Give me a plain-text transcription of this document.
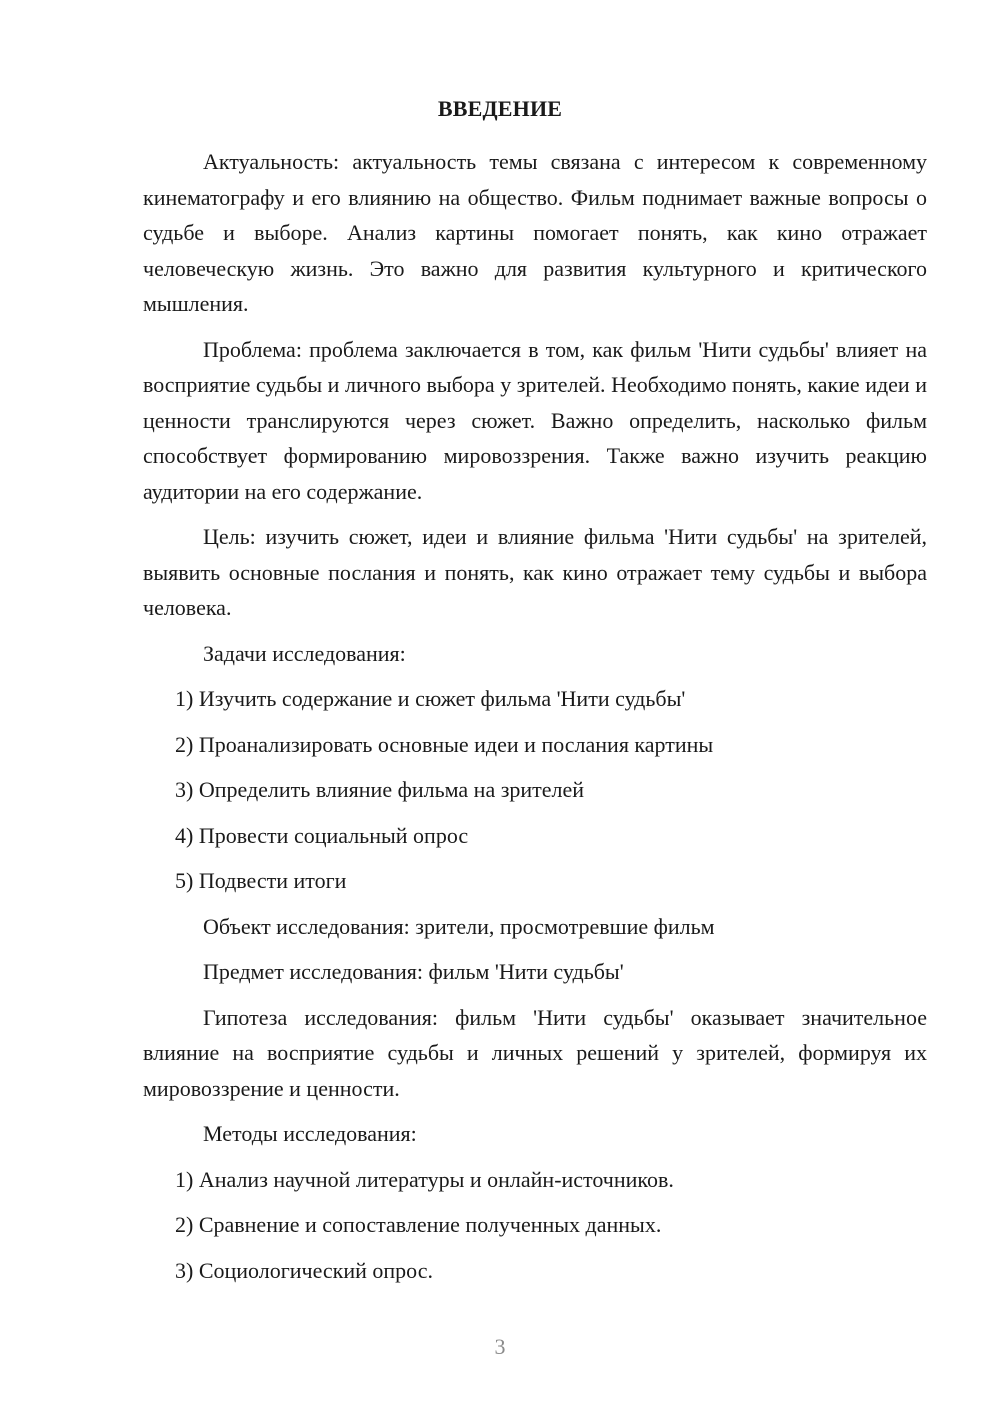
ВВЕДЕНИЕ

Актуальность: актуальность темы связана с интересом к современному кинематографу и его влиянию на общество. Фильм поднимает важные вопросы о судьбе и выборе. Анализ картины помогает понять, как кино отражает человеческую жизнь. Это важно для развития культурного и критического мышления.

Проблема: проблема заключается в том, как фильм 'Нити судьбы' влияет на восприятие судьбы и личного выбора у зрителей. Необходимо понять, какие идеи и ценности транслируются через сюжет. Важно определить, насколько фильм способствует формированию мировоззрения. Также важно изучить реакцию аудитории на его содержание.

Цель: изучить сюжет, идеи и влияние фильма 'Нити судьбы' на зрителей, выявить основные послания и понять, как кино отражает тему судьбы и выбора человека.

Задачи исследования:

1) Изучить содержание и сюжет фильма 'Нити судьбы'

2) Проанализировать основные идеи и послания картины

3) Определить влияние фильма на зрителей

4) Провести социальный опрос

5) Подвести итоги

Объект исследования: зрители, просмотревшие фильм

Предмет исследования: фильм 'Нити судьбы'

Гипотеза исследования: фильм 'Нити судьбы' оказывает значительное влияние на восприятие судьбы и личных решений у зрителей, формируя их мировоззрение и ценности.

Методы исследования:

1) Анализ научной литературы и онлайн-источников.

2) Сравнение и сопоставление полученных данных.

3) Социологический опрос.

3
